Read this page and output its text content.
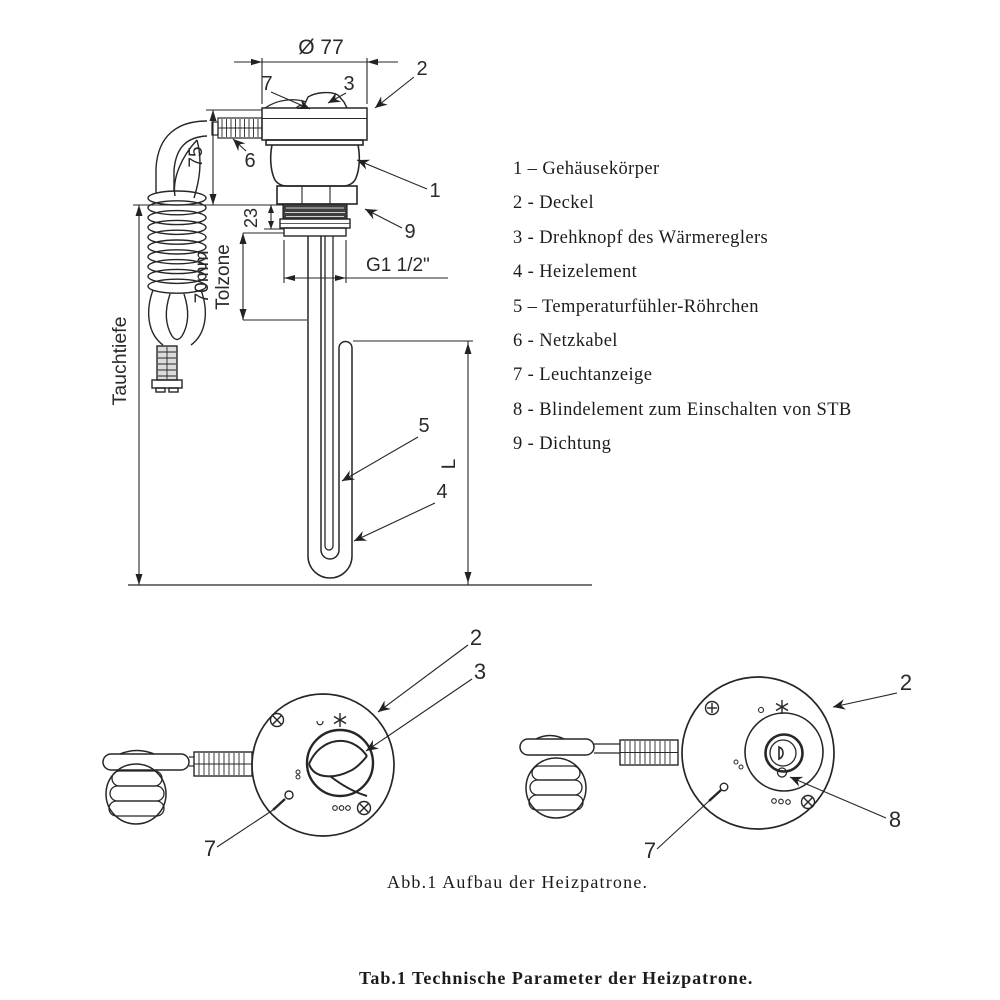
Ø 77
75
Tauchtiefe
23
70mm Tolzone	G1 1/2"
L
7	3
2
6
1
9
5
4
7
2
3	2
7
8
1 – Gehäusekörper
2 - Deckel
3 - Drehknopf des Wärmereglers
4 - Heizelement
5 – Temperaturfühler-Röhrchen
6 - Netzkabel
7 - Leuchtanzeige
8 - Blindelement zum Einschalten von STB
9 - Dichtung
Abb.1 Aufbau der Heizpatrone.
Tab.1 Technische Parameter der Heizpatrone.
